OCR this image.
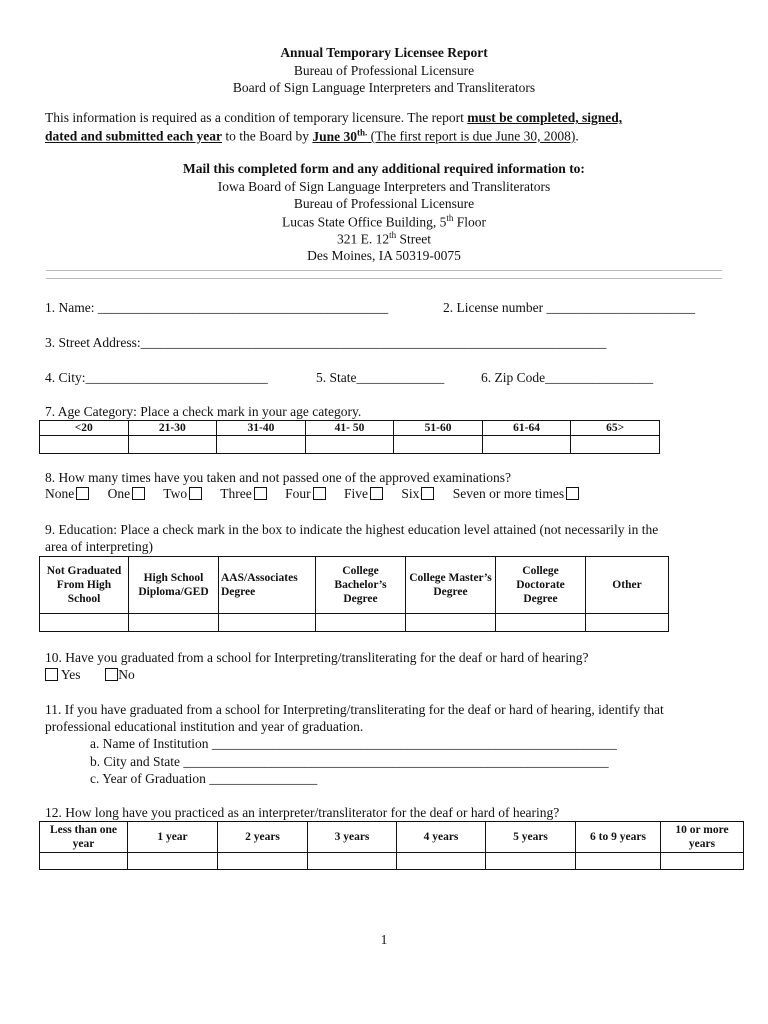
Annual Temporary Licensee Report
Bureau of Professional Licensure
Board of Sign Language Interpreters and Transliterators
This information is required as a condition of temporary licensure. The report must be completed, signed,
dated and submitted each year to the Board by June $30^{th.}$ (The first report is due June 30, 2008).
Mail this completed form and any additional required information to:
Iowa Board of Sign Language Interpreters and Transliterators
Bureau of Professional Licensure
Lucas State Office Building, 5th Floor
321 E. 12th Street
Des Moines, IA 50319-0075
1. Name: ___________________________________________	2. License number ______________________
3. Street Address:_____________________________________________________________________
4. City:___________________________	5. State_____________	6. Zip Code________________
7. Age Category: Place a check mark in your age category.
<20	21-30	31-40	41- 50	51-60	61-64	65>

8. How many times have you taken and not passed one of the approved examinations?
None One Two Three Four Five Six Seven or more times
9. Education: Place a check mark in the box to indicate the highest education level attained (not necessarily in the
area of interpreting)
Not Graduated From High School	High School Diploma/GED	AAS/Associates Degree	College Bachelor’s Degree	College Master’s Degree	College Doctorate Degree	Other

10. Have you graduated from a school for Interpreting/transliterating for the deaf or hard of hearing?
Yes	No
11. If you have graduated from a school for Interpreting/transliterating for the deaf or hard of hearing, identify that
professional educational institution and year of graduation.
a. Name of Institution ____________________________________________________________
b. City and State _______________________________________________________________
c. Year of Graduation ________________
12. How long have you practiced as an interpreter/transliterator for the deaf or hard of hearing?
Less than one year	1 year	2 years	3 years	4 years	5 years	6 to 9 years	10 or more years

1
